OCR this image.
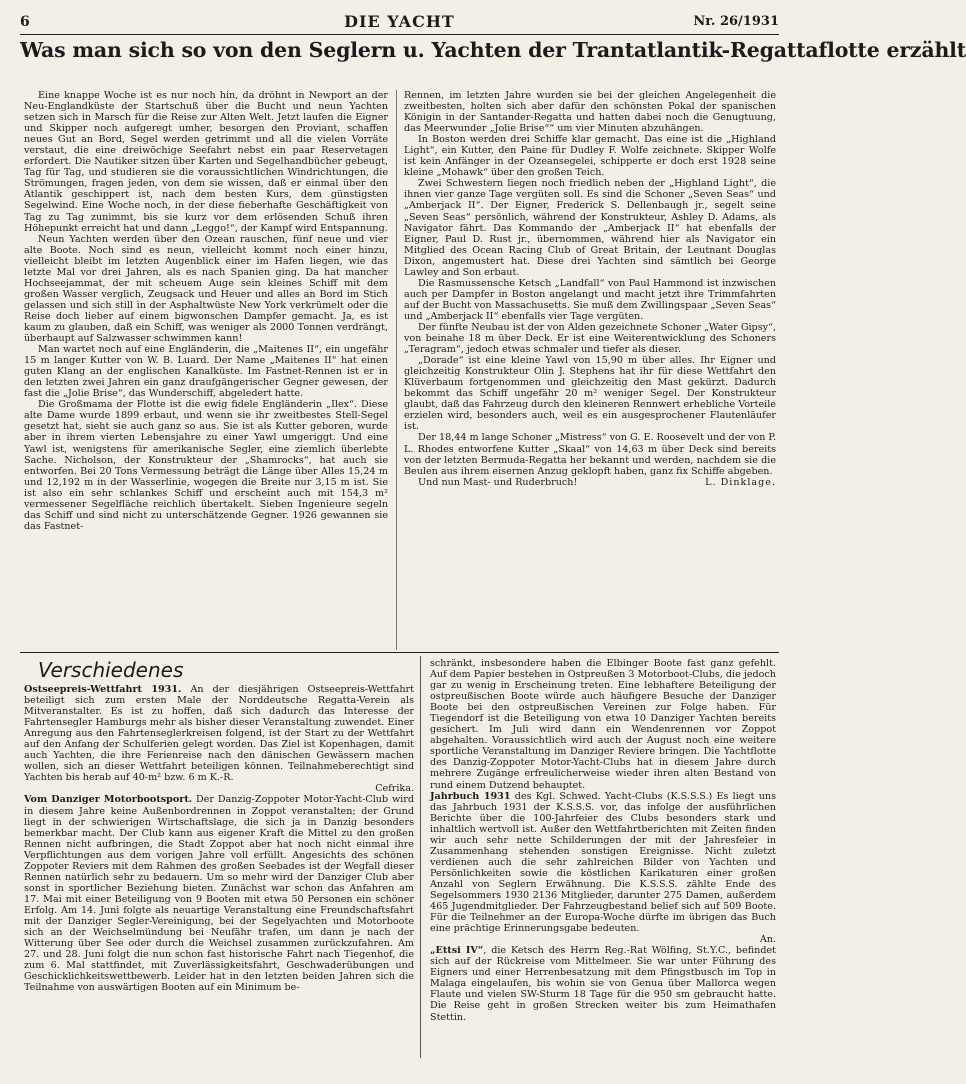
6	DIE YACHT	Nr. 26/1931
Was man sich so von den Seglern u. Yachten der Trantatlantik-Regattaflotte erzählt

Eine knappe Woche ist es nur noch hin, da dröhnt in Newport an der Neu-Englandküste der Startschuß über die Bucht und neun Yachten setzen sich in Marsch für die Reise zur Alten Welt. Jetzt laufen die Eigner und Skipper noch aufgeregt umher, besorgen den Proviant, schaffen neues Gut an Bord, Segel werden getrimmt und all die vielen Vorräte verstaut, die eine dreiwöchige Seefahrt nebst ein paar Reservetagen erfordert. Die Nautiker sitzen über Karten und Segelhandbücher gebeugt, Tag für Tag, und studieren sie die voraussichtlichen Windrichtungen, die Strömungen, fragen jeden, von dem sie wissen, daß er einmal über den Atlantik geschippert ist, nach dem besten Kurs, dem günstigsten Segelwind. Eine Woche noch, in der diese fieberhafte Geschäftigkeit von Tag zu Tag zunimmt, bis sie kurz vor dem erlösenden Schuß ihren Höhepunkt erreicht hat und dann „Leggo!“, der Kampf wird Entspannung.

Neun Yachten werden über den Ozean rauschen, fünf neue und vier alte Boote. Noch sind es neun, vielleicht kommt noch einer hinzu, vielleicht bleibt im letzten Augenblick einer im Hafen liegen, wie das letzte Mal vor drei Jahren, als es nach Spanien ging. Da hat mancher Hochseejammat, der mit scheuem Auge sein kleines Schiff mit dem großen Wasser verglich, Zeugsack und Heuer und alles an Bord im Stich gelassen und sich still in der Asphaltwüste New York verkrümelt oder die Reise doch lieber auf einem bigwonschen Dampfer gemacht. Ja, es ist kaum zu glauben, daß ein Schiff, was weniger als 2000 Tonnen verdrängt, überhaupt auf Salzwasser schwimmen kann!

Man wartet noch auf eine Engländerin, die „Maitenes II“, ein ungefähr 15 m langer Kutter von W. B. Luard. Der Name „Maitenes II“ hat einen guten Klang an der englischen Kanalküste. Im Fastnet-Rennen ist er in den letzten zwei Jahren ein ganz draufgängerischer Gegner gewesen, der fast die „Jolie Brise“, das Wunderschiff, abgeledert hatte.

Die Großmama der Flotte ist die ewig fidele Engländerin „Ilex“. Diese alte Dame wurde 1899 erbaut, und wenn sie ihr zweitbestes Stell-Segel gesetzt hat, sieht sie auch ganz so aus. Sie ist als Kutter geboren, wurde aber in ihrem vierten Lebensjahre zu einer Yawl umgeriggt. Und eine Yawl ist, wenigstens für amerikanische Segler, eine ziemlich überlebte Sache. Nicholson, der Konstrukteur der „Shamrocks“, hat auch sie entworfen. Bei 20 Tons Vermessung beträgt die Länge über Alles 15,24 m und 12,192 m in der Wasserlinie, wogegen die Breite nur 3,15 m ist. Sie ist also ein sehr schlankes Schiff und erscheint auch mit 154,3 m² vermessener Segelfläche reichlich übertakelt. Sieben Ingenieure segeln das Schiff und sind nicht zu unterschätzende Gegner. 1926 gewannen sie das Fastnet-

Rennen, im letzten Jahre wurden sie bei der gleichen Angelegenheit die zweitbesten, holten sich aber dafür den schönsten Pokal der spanischen Königin in der Santander-Regatta und hatten dabei noch die Genugtuung, das Meerwunder „Jolie Brise““ um vier Minuten abzuhängen.

In Boston werden drei Schiffe klar gemacht. Das eine ist die „Highland Light“, ein Kutter, den Paine für Dudley F. Wolfe zeichnete. Skipper Wolfe ist kein Anfänger in der Ozeansegelei, schipperte er doch erst 1928 seine kleine „Mohawk“ über den großen Teich.

Zwei Schwestern liegen noch friedlich neben der „Highland Light“, die ihnen vier ganze Tage vergüten soll. Es sind die Schoner „Seven Seas“ und „Amberjack II“. Der Eigner, Frederick S. Dellenbaugh jr., segelt seine „Seven Seas“ persönlich, während der Konstrukteur, Ashley D. Adams, als Navigator fährt. Das Kommando der „Amberjack II“ hat ebenfalls der Eigner, Paul D. Rust jr., übernommen, während hier als Navigator ein Mitglied des Ocean Racing Club of Great Britain, der Leutnant Douglas Dixon, angemustert hat. Diese drei Yachten sind sämtlich bei George Lawley and Son erbaut.

Die Rasmussensche Ketsch „Landfall“ von Paul Hammond ist inzwischen auch per Dampfer in Boston angelangt und macht jetzt ihre Trimmfahrten auf der Bucht von Massachusetts. Sie muß dem Zwillingspaar „Seven Seas“ und „Amberjack II“ ebenfalls vier Tage vergüten.

Der fünfte Neubau ist der von Alden gezeichnete Schoner „Water Gipsy“, von beinahe 18 m über Deck. Er ist eine Weiterentwicklung des Schoners „Teragram“, jedoch etwas schmaler und tiefer als dieser.

„Dorade“ ist eine kleine Yawl von 15,90 m über alles. Ihr Eigner und gleichzeitig Konstrukteur Olin J. Stephens hat ihr für diese Wettfahrt den Klüverbaum fortgenommen und gleichzeitig den Mast gekürzt. Dadurch bekommt das Schiff ungefähr 20 m² weniger Segel. Der Konstrukteur glaubt, daß das Fahrzeug durch den kleineren Rennwert erhebliche Vorteile erzielen wird, besonders auch, weil es ein ausgesprochener Flautenläufer ist.

Der 18,44 m lange Schoner „Mistress“ von G. E. Roosevelt und der von P. L. Rhodes entworfene Kutter „Skaal“ von 14,63 m über Deck sind bereits von der letzten Bermuda-Regatta her bekannt und werden, nachdem sie die Beulen aus ihrem eisernen Anzug geklopft haben, ganz fix Schiffe abgeben.

Und nun Mast- und Ruderbruch!	L. Dinklage.
Verschiedenes

Ostseepreis-Wettfahrt 1931. An der diesjährigen Ostseepreis-Wettfahrt beteiligt sich zum ersten Male der Norddeutsche Regatta-Verein als Mitveranstalter. Es ist zu hoffen, daß sich dadurch das Interesse der Fahrtensegler Hamburgs mehr als bisher dieser Veranstaltung zuwendet. Einer Anregung aus den Fahrtenseglerkreisen folgend, ist der Start zu der Wettfahrt auf den Anfang der Schulferien gelegt worden. Das Ziel ist Kopenhagen, damit auch Yachten, die ihre Ferienreise nach den dänischen Gewässern machen wollen, sich an dieser Wettfahrt beteiligen können. Teilnahmeberechtigt sind Yachten bis herab auf 40-m² bzw. 6 m K.-R.

Cefrika.

Vom Danziger Motorbootsport. Der Danzig-Zoppoter Motor-Yacht-Club wird in diesem Jahre keine Außenbordrennen in Zoppot veranstalten; der Grund liegt in der schwierigen Wirtschaftslage, die sich ja in Danzig besonders bemerkbar macht. Der Club kann aus eigener Kraft die Mittel zu den großen Rennen nicht aufbringen, die Stadt Zoppot aber hat noch nicht einmal ihre Verpflichtungen aus dem vorigen Jahre voll erfüllt. Angesichts des schönen Zoppoter Reviers mit dem Rahmen des großen Seebades ist der Wegfall dieser Rennen natürlich sehr zu bedauern. Um so mehr wird der Danziger Club aber sonst in sportlicher Beziehung bieten. Zunächst war schon das Anfahren am 17. Mai mit einer Beteiligung von 9 Booten mit etwa 50 Personen ein schöner Erfolg. Am 14. Juni folgte als neuartige Veranstaltung eine Freundschaftsfahrt mit der Danziger Segler-Vereinigung, bei der Segelyachten und Motorboote sich an der Weichselmündung bei Neufähr trafen, um dann je nach der Witterung über See oder durch die Weichsel zusammen zurückzufahren. Am 27. und 28. Juni folgt die nun schon fast historische Fahrt nach Tiegenhof, die zum 6. Mal stattfindet, mit Zuverlässigkeitsfahrt, Geschwaderübungen und Geschicklichkeitswettbewerb. Leider hat in den letzten beiden Jahren sich die Teilnahme von auswärtigen Booten auf ein Minimum be-

schränkt, insbesondere haben die Elbinger Boote fast ganz gefehlt. Auf dem Papier bestehen in Ostpreußen 3 Motorboot-Clubs, die jedoch gar zu wenig in Erscheinung treten. Eine lebhaftere Beteiligung der ostpreußischen Boote würde auch häufigere Besuche der Danziger Boote bei den ostpreußischen Vereinen zur Folge haben. Für Tiegendorf ist die Beteiligung von etwa 10 Danziger Yachten bereits gesichert. Im Juli wird dann ein Wendenrennen vor Zoppot abgehalten. Voraussichtlich wird auch der August noch eine weitere sportliche Veranstaltung im Danziger Reviere bringen. Die Yachtflotte des Danzig-Zoppoter Motor-Yacht-Clubs hat in diesem Jahre durch mehrere Zugänge erfreulicherweise wieder ihren alten Bestand von rund einem Dutzend behauptet.

Jahrbuch 1931 des Kgl. Schwed. Yacht-Clubs (K.S.S.S.) Es liegt uns das Jahrbuch 1931 der K.S.S.S. vor, das infolge der ausführlichen Berichte über die 100-Jahrfeier des Clubs besonders stark und inhaltlich wertvoll ist. Außer den Wettfahrtberichten mit Zeiten finden wir auch sehr nette Schilderungen der mit der Jahresfeier in Zusammenhang stehenden sonstigen Ereignisse. Nicht zuletzt verdienen auch die sehr zahlreichen Bilder von Yachten und Persönlichkeiten sowie die köstlichen Karikaturen einer großen Anzahl von Seglern Erwähnung. Die K.S.S.S. zählte Ende des Segelsommers 1930 2136 Mitglieder, darunter 275 Damen, außerdem 465 Jugendmitglieder. Der Fahrzeugbestand belief sich auf 509 Boote. Für die Teilnehmer an der Europa-Woche dürfte im übrigen das Buch eine prächtige Erinnerungsgabe bedeuten.

An.

„Ettsi IV“, die Ketsch des Herrn Reg.-Rat Wölfing, St.Y.C., befindet sich auf der Rückreise vom Mittelmeer. Sie war unter Führung des Eigners und einer Herrenbesatzung mit dem Pfingstbusch im Top in Malaga eingelaufen, bis wohin sie von Genua über Mallorca wegen Flaute und vielen SW-Sturm 18 Tage für die 950 sm gebraucht hatte. Die Reise geht in großen Strecken weiter bis zum Heimathafen Stettin.
